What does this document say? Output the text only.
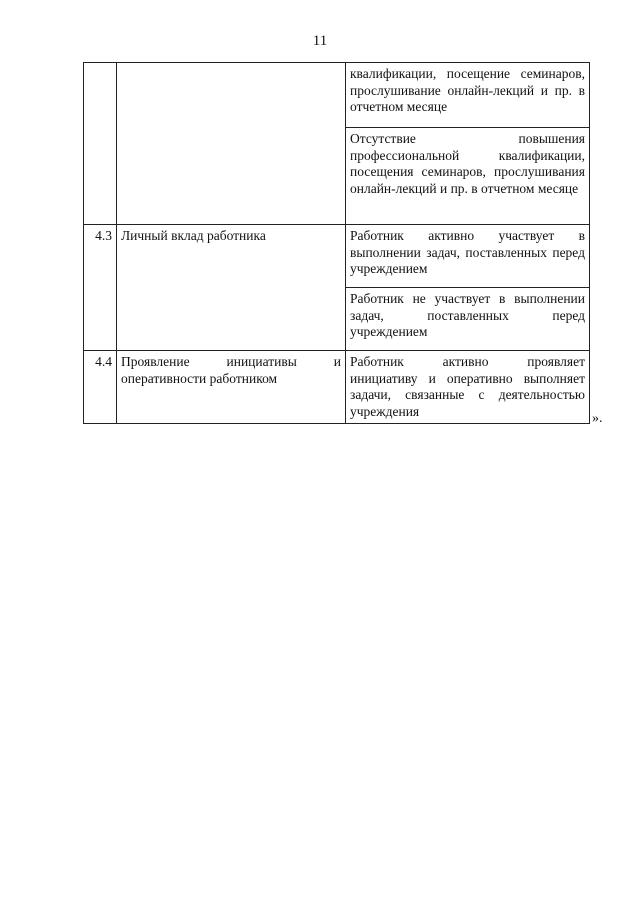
11
		квалификации, посещение семинаров, прослушивание онлайн-лекций и пр. в отчетном месяце
		Отсутствие повышения профессиональной квалификации, посещения семинаров, прослушивания онлайн-лекций и пр. в отчетном месяце
4.3	Личный вклад работника	Работник активно участвует в выполнении задач, поставленных перед учреждением
		Работник не участвует в выполнении задач, поставленных перед учреждением
4.4	Проявление инициативы и оперативности работником	Работник активно проявляет инициативу и оперативно выполняет задачи, связанные с деятельностью учреждения	».
